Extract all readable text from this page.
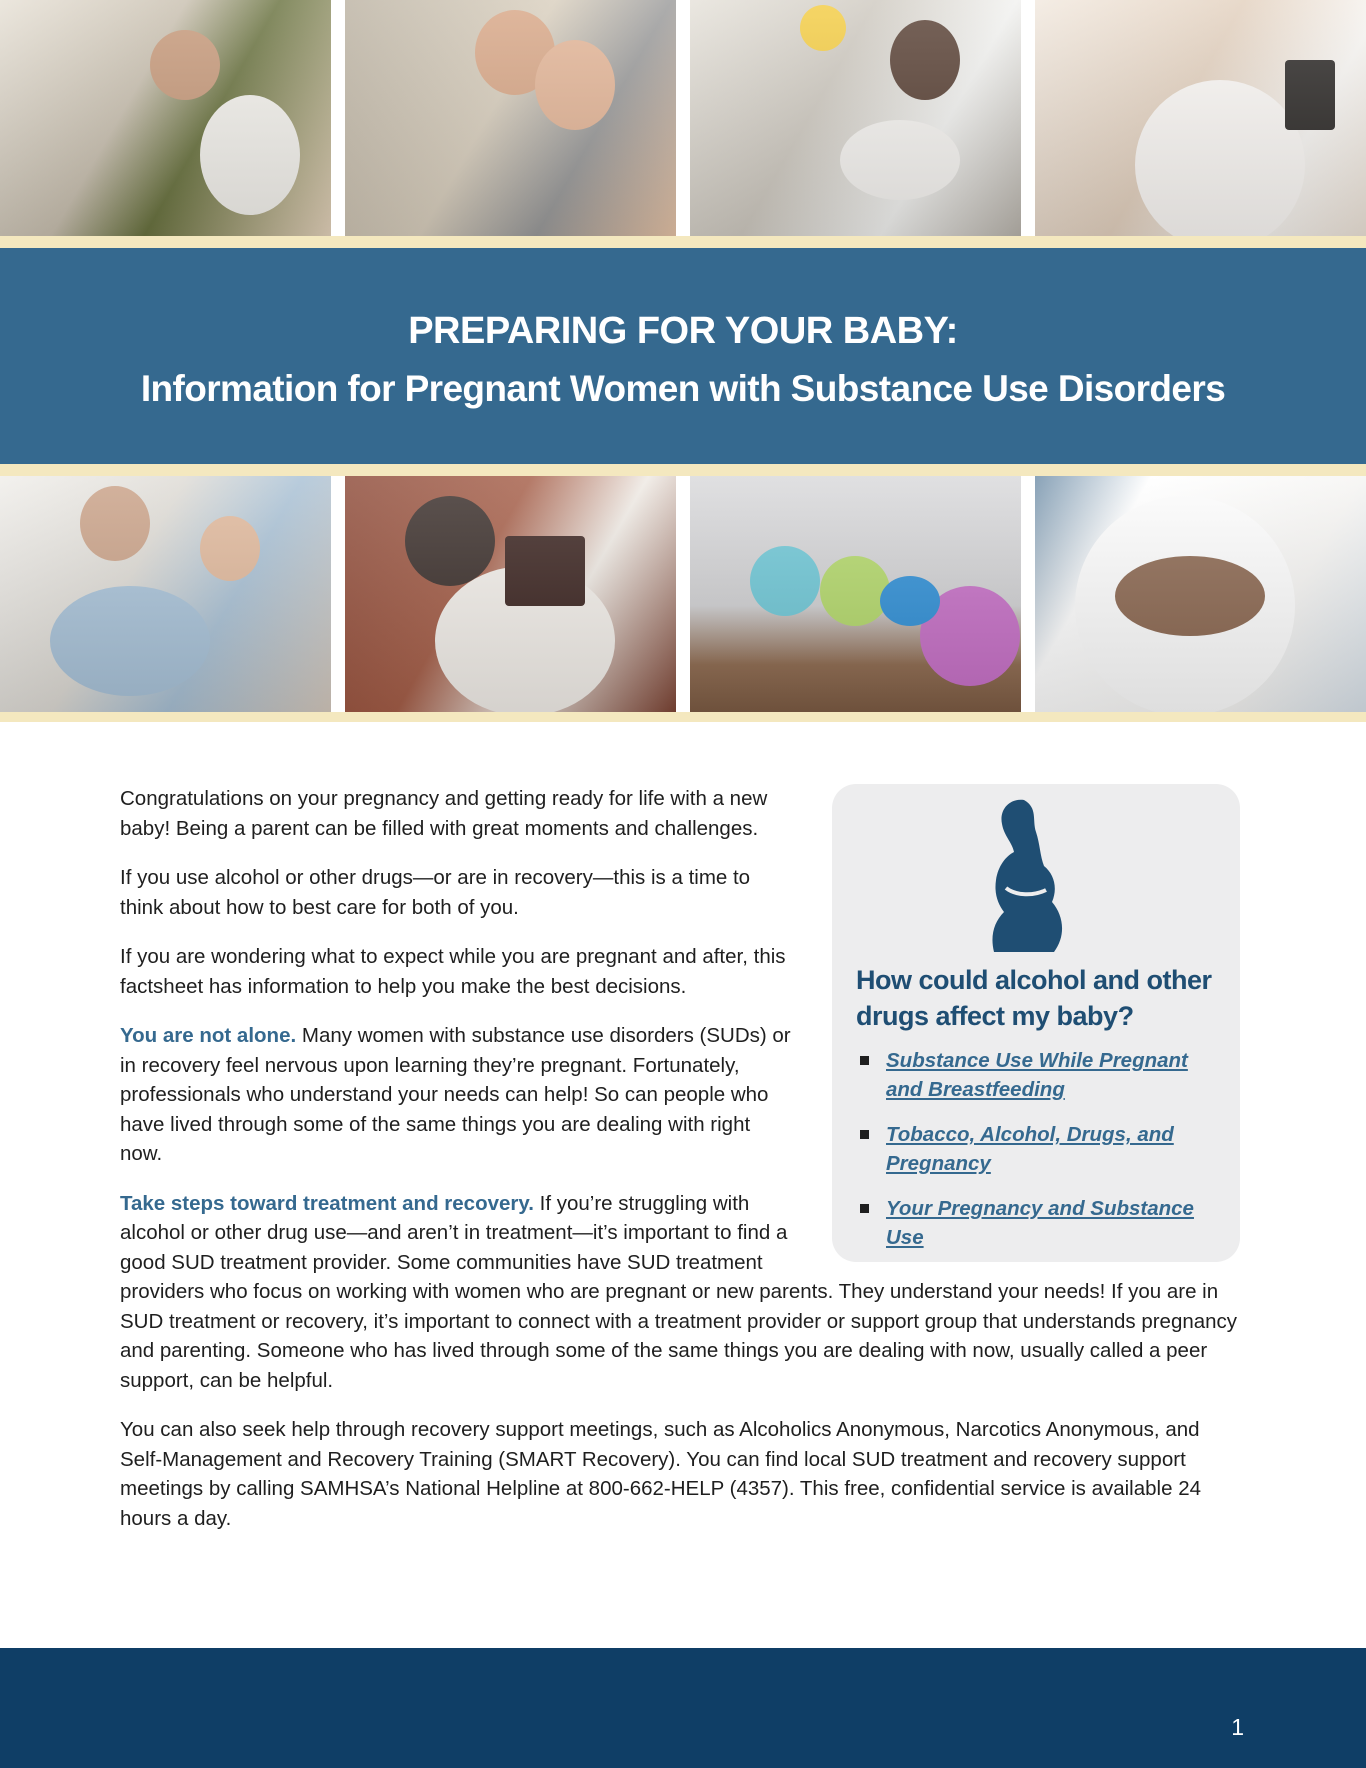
PREPARING FOR YOUR BABY:
Information for Pregnant Women with Substance Use Disorders
How could alcohol and other drugs affect my baby?
Substance Use While Pregnant and Breastfeeding
Tobacco, Alcohol, Drugs, and Pregnancy
Your Pregnancy and Substance Use

Congratulations on your pregnancy and getting ready for life with a new baby! Being a parent can be filled with great moments and challenges.

If you use alcohol or other drugs—or are in recovery—this is a time to think about how to best care for both of you.

If you are wondering what to expect while you are pregnant and after, this factsheet has information to help you make the best decisions.

You are not alone. Many women with substance use disorders (SUDs) or in recovery feel nervous upon learning they’re pregnant. Fortunately, professionals who understand your needs can help! So can people who have lived through some of the same things you are dealing with right now.

Take steps toward treatment and recovery. If you’re struggling with alcohol or other drug use—and aren’t in treatment—it’s important to find a good SUD treatment provider. Some communities have SUD treatment providers who focus on working with women who are pregnant or new parents. They understand your needs! If you are in SUD treatment or recovery, it’s important to connect with a treatment provider or support group that understands pregnancy and parenting. Someone who has lived through some of the same things you are dealing with now, usually called a peer support, can be helpful.

You can also seek help through recovery support meetings, such as Alcoholics Anonymous, Narcotics Anonymous, and Self-Management and Recovery Training (SMART Recovery). You can find local SUD treatment and recovery support meetings by calling SAMHSA’s National Helpline at 800-662-HELP (4357). This free, confidential service is available 24 hours a day.

1
